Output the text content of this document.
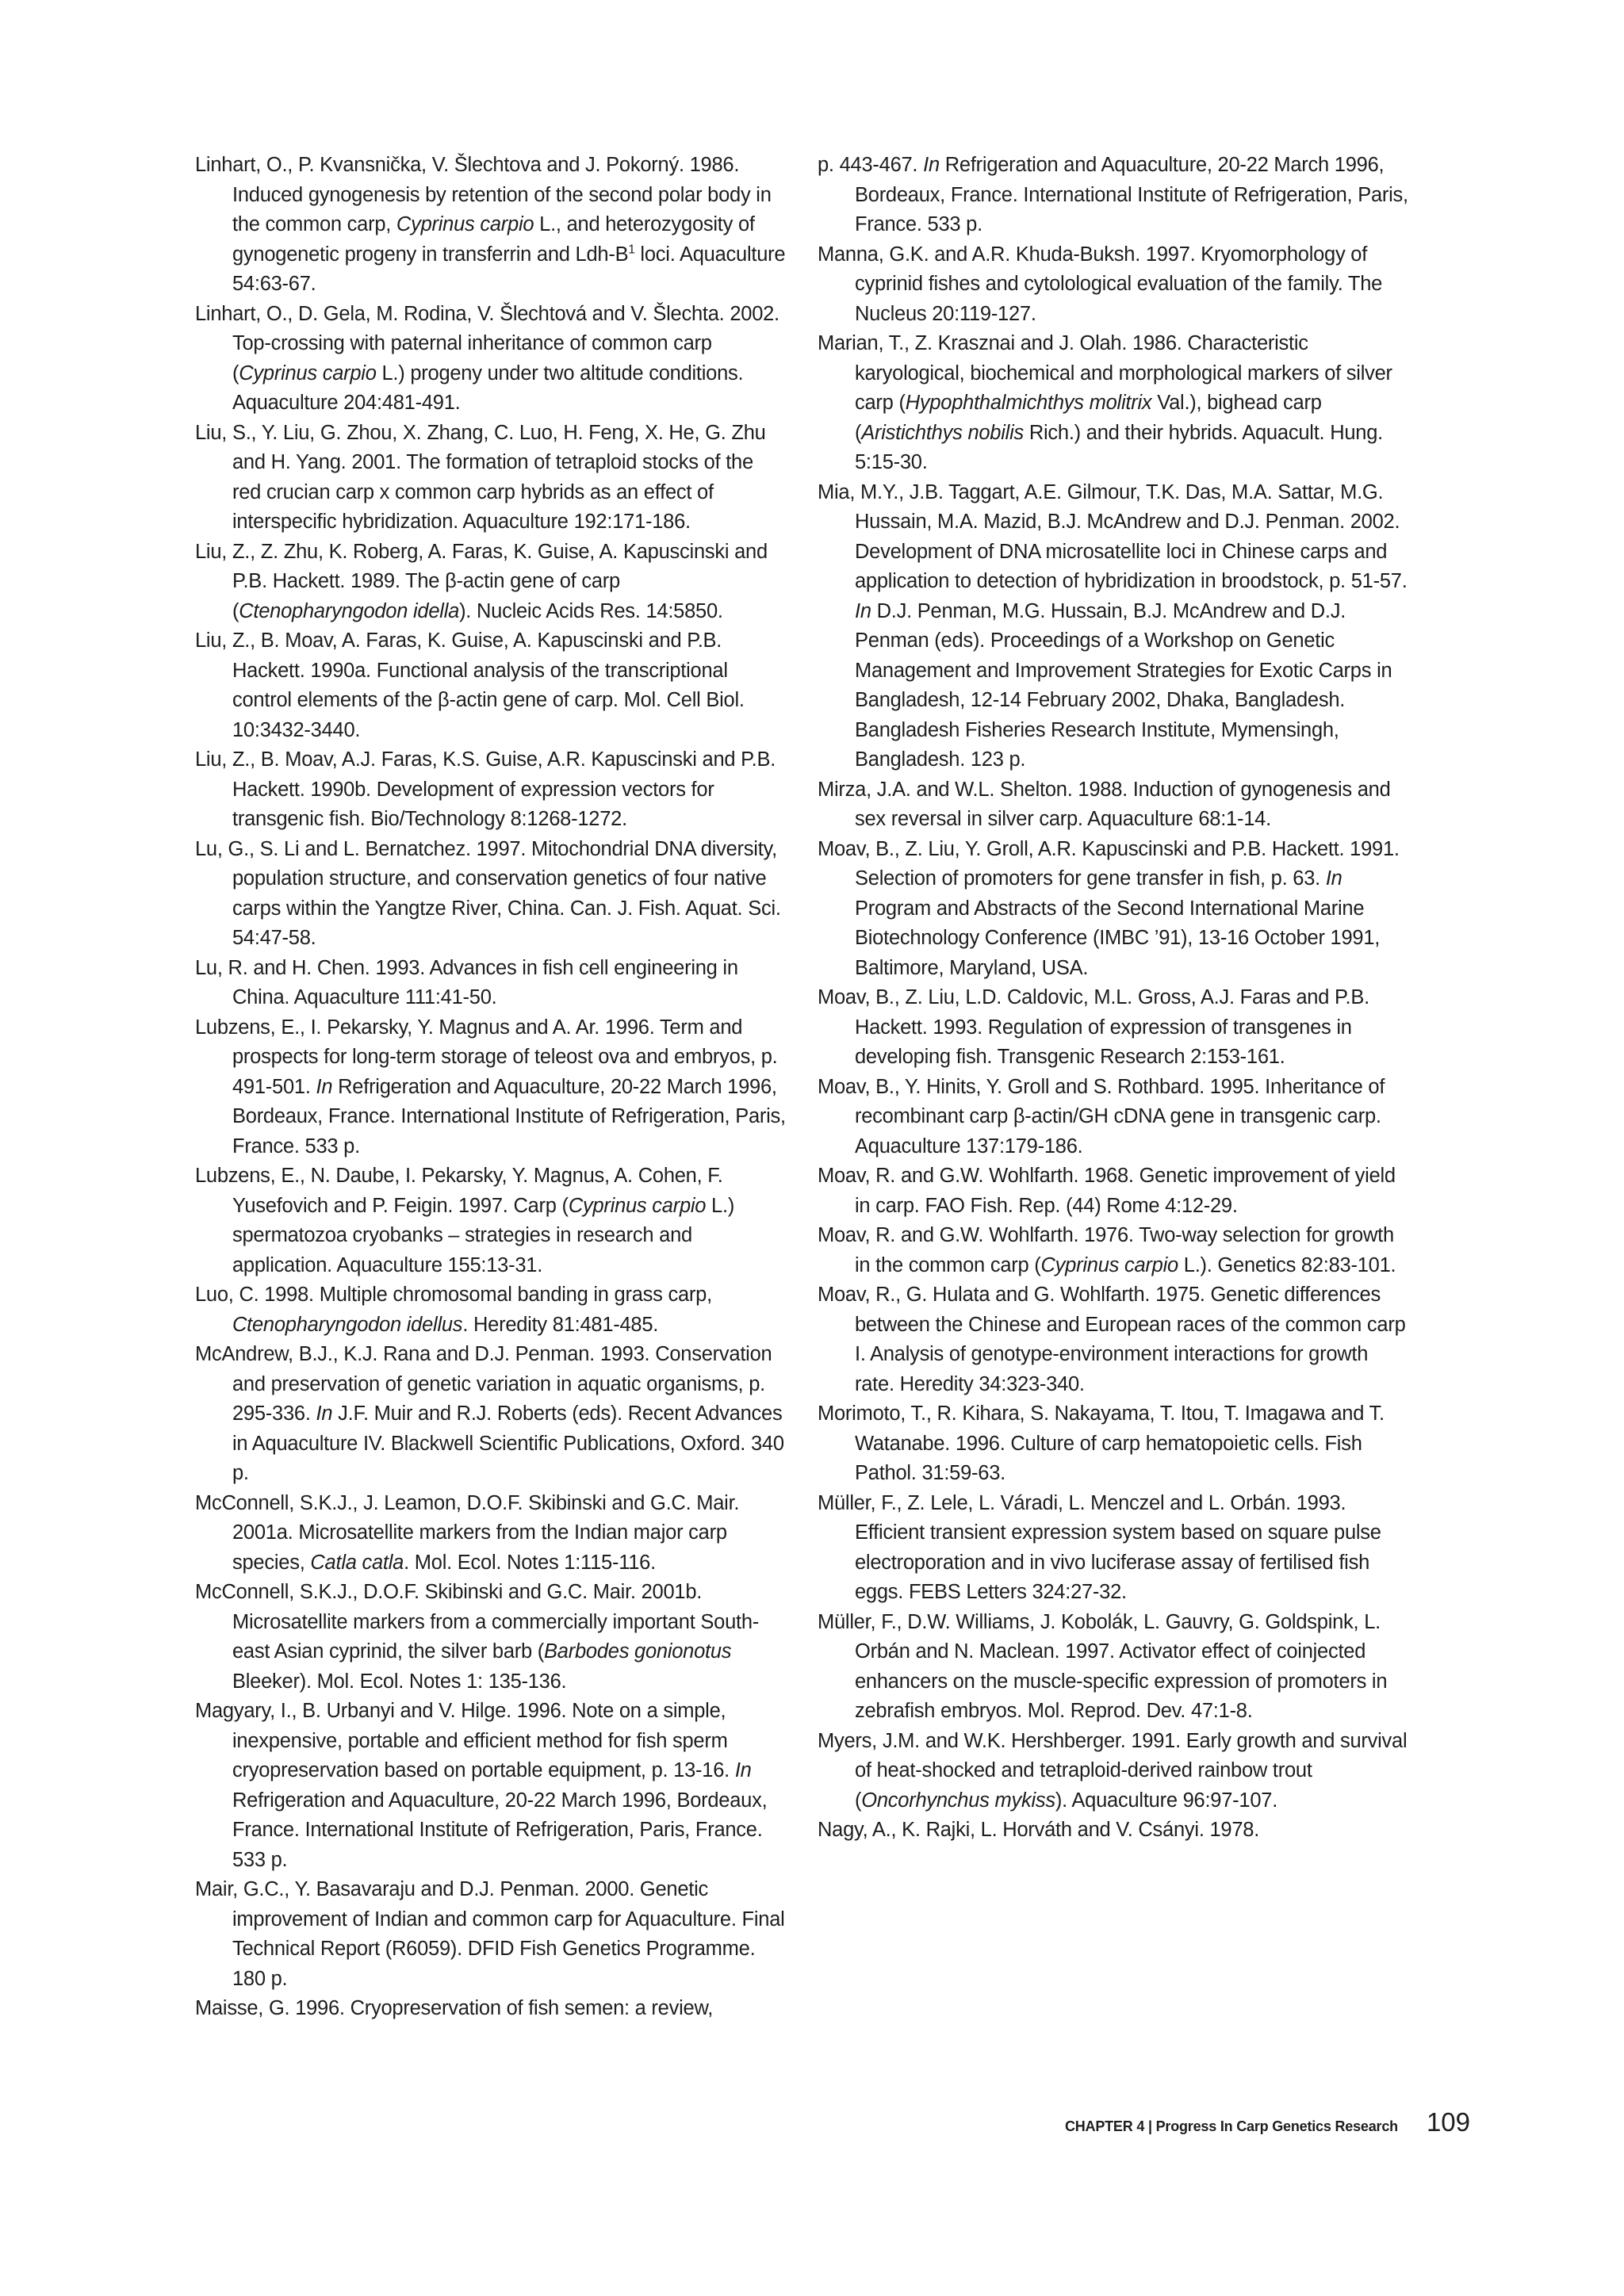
Linhart, O., P. Kvansnička, V. Šlechtova and J. Pokorný. 1986. Induced gynogenesis by retention of the second polar body in the common carp, Cyprinus carpio L., and heterozygosity of gynogenetic progeny in transferrin and Ldh-$B^1$ loci. Aquaculture 54:63-67.

Linhart, O., D. Gela, M. Rodina, V. Šlechtová and V. Šlechta. 2002. Top-crossing with paternal inheritance of common carp (Cyprinus carpio L.) progeny under two altitude conditions. Aquaculture 204:481-491.

Liu, S., Y. Liu, G. Zhou, X. Zhang, C. Luo, H. Feng, X. He, G. Zhu and H. Yang. 2001. The formation of tetraploid stocks of the red crucian carp x common carp hybrids as an effect of interspecific hybridization. Aquaculture 192:171-186.

Liu, Z., Z. Zhu, K. Roberg, A. Faras, K. Guise, A. Kapuscinski and P.B. Hackett. 1989. The β-actin gene of carp (Ctenopharyngodon idella). Nucleic Acids Res. 14:5850.

Liu, Z., B. Moav, A. Faras, K. Guise, A. Kapuscinski and P.B. Hackett. 1990a. Functional analysis of the transcriptional control elements of the β-actin gene of carp. Mol. Cell Biol. 10:3432-3440.

Liu, Z., B. Moav, A.J. Faras, K.S. Guise, A.R. Kapuscinski and P.B. Hackett. 1990b. Development of expression vectors for transgenic fish. Bio/Technology 8:1268-1272.

Lu, G., S. Li and L. Bernatchez. 1997. Mitochondrial DNA diversity, population structure, and conservation genetics of four native carps within the Yangtze River, China. Can. J. Fish. Aquat. Sci. 54:47-58.

Lu, R. and H. Chen. 1993. Advances in fish cell engineering in China. Aquaculture 111:41-50.

Lubzens, E., I. Pekarsky, Y. Magnus and A. Ar. 1996. Term and prospects for long-term storage of teleost ova and embryos, p. 491-501. In Refrigeration and Aquaculture, 20-22 March 1996, Bordeaux, France. International Institute of Refrigeration, Paris, France. 533 p.

Lubzens, E., N. Daube, I. Pekarsky, Y. Magnus, A. Cohen, F. Yusefovich and P. Feigin. 1997. Carp (Cyprinus carpio L.) spermatozoa cryobanks – strategies in research and application. Aquaculture 155:13-31.

Luo, C. 1998. Multiple chromosomal banding in grass carp, Ctenopharyngodon idellus. Heredity 81:481-485.

McAndrew, B.J., K.J. Rana and D.J. Penman. 1993. Conservation and preservation of genetic variation in aquatic organisms, p. 295-336. In J.F. Muir and R.J. Roberts (eds). Recent Advances in Aquaculture IV. Blackwell Scientific Publications, Oxford. 340 p.

McConnell, S.K.J., J. Leamon, D.O.F. Skibinski and G.C. Mair. 2001a. Microsatellite markers from the Indian major carp species, Catla catla. Mol. Ecol. Notes 1:115-116.

McConnell, S.K.J., D.O.F. Skibinski and G.C. Mair. 2001b. Microsatellite markers from a commercially important South-east Asian cyprinid, the silver barb (Barbodes gonionotus Bleeker). Mol. Ecol. Notes 1: 135-136.

Magyary, I., B. Urbanyi and V. Hilge. 1996. Note on a simple, inexpensive, portable and efficient method for fish sperm cryopreservation based on portable equipment, p. 13-16. In Refrigeration and Aquaculture, 20-22 March 1996, Bordeaux, France. International Institute of Refrigeration, Paris, France. 533 p.

Mair, G.C., Y. Basavaraju and D.J. Penman. 2000. Genetic improvement of Indian and common carp for Aquaculture. Final Technical Report (R6059). DFID Fish Genetics Programme. 180 p.

Maisse, G. 1996. Cryopreservation of fish semen: a review,

p. 443-467. In Refrigeration and Aquaculture, 20-22 March 1996, Bordeaux, France. International Institute of Refrigeration, Paris, France. 533 p.

Manna, G.K. and A.R. Khuda-Buksh. 1997. Kryomorphology of cyprinid fishes and cytolological evaluation of the family. The Nucleus 20:119-127.

Marian, T., Z. Krasznai and J. Olah. 1986. Characteristic karyological, biochemical and morphological markers of silver carp (Hypophthalmichthys molitrix Val.), bighead carp (Aristichthys nobilis Rich.) and their hybrids. Aquacult. Hung. 5:15-30.

Mia, M.Y., J.B. Taggart, A.E. Gilmour, T.K. Das, M.A. Sattar, M.G. Hussain, M.A. Mazid, B.J. McAndrew and D.J. Penman. 2002. Development of DNA microsatellite loci in Chinese carps and application to detection of hybridization in broodstock, p. 51-57. In D.J. Penman, M.G. Hussain, B.J. McAndrew and D.J. Penman (eds). Proceedings of a Workshop on Genetic Management and Improvement Strategies for Exotic Carps in Bangladesh, 12-14 February 2002, Dhaka, Bangladesh. Bangladesh Fisheries Research Institute, Mymensingh, Bangladesh. 123 p.

Mirza, J.A. and W.L. Shelton. 1988. Induction of gynogenesis and sex reversal in silver carp. Aquaculture 68:1-14.

Moav, B., Z. Liu, Y. Groll, A.R. Kapuscinski and P.B. Hackett. 1991. Selection of promoters for gene transfer in fish, p. 63. In Program and Abstracts of the Second International Marine Biotechnology Conference (IMBC ’91), 13-16 October 1991, Baltimore, Maryland, USA.

Moav, B., Z. Liu, L.D. Caldovic, M.L. Gross, A.J. Faras and P.B. Hackett. 1993. Regulation of expression of transgenes in developing fish. Transgenic Research 2:153-161.

Moav, B., Y. Hinits, Y. Groll and S. Rothbard. 1995. Inheritance of recombinant carp β-actin/GH cDNA gene in transgenic carp. Aquaculture 137:179-186.

Moav, R. and G.W. Wohlfarth. 1968. Genetic improvement of yield in carp. FAO Fish. Rep. (44) Rome 4:12-29.

Moav, R. and G.W. Wohlfarth. 1976. Two-way selection for growth in the common carp (Cyprinus carpio L.). Genetics 82:83-101.

Moav, R., G. Hulata and G. Wohlfarth. 1975. Genetic differences between the Chinese and European races of the common carp I. Analysis of genotype-environment interactions for growth rate. Heredity 34:323-340.

Morimoto, T., R. Kihara, S. Nakayama, T. Itou, T. Imagawa and T. Watanabe. 1996. Culture of carp hematopoietic cells. Fish Pathol. 31:59-63.

Müller, F., Z. Lele, L. Váradi, L. Menczel and L. Orbán. 1993. Efficient transient expression system based on square pulse electroporation and in vivo luciferase assay of fertilised fish eggs. FEBS Letters 324:27-32.

Müller, F., D.W. Williams, J. Kobolák, L. Gauvry, G. Goldspink, L. Orbán and N. Maclean. 1997. Activator effect of coinjected enhancers on the muscle-specific expression of promoters in zebrafish embryos. Mol. Reprod. Dev. 47:1-8.

Myers, J.M. and W.K. Hershberger. 1991. Early growth and survival of heat-shocked and tetraploid-derived rainbow trout (Oncorhynchus mykiss). Aquaculture 96:97-107.

Nagy, A., K. Rajki, L. Horváth and V. Csányi. 1978.

CHAPTER 4 | Progress In Carp Genetics Research 109
